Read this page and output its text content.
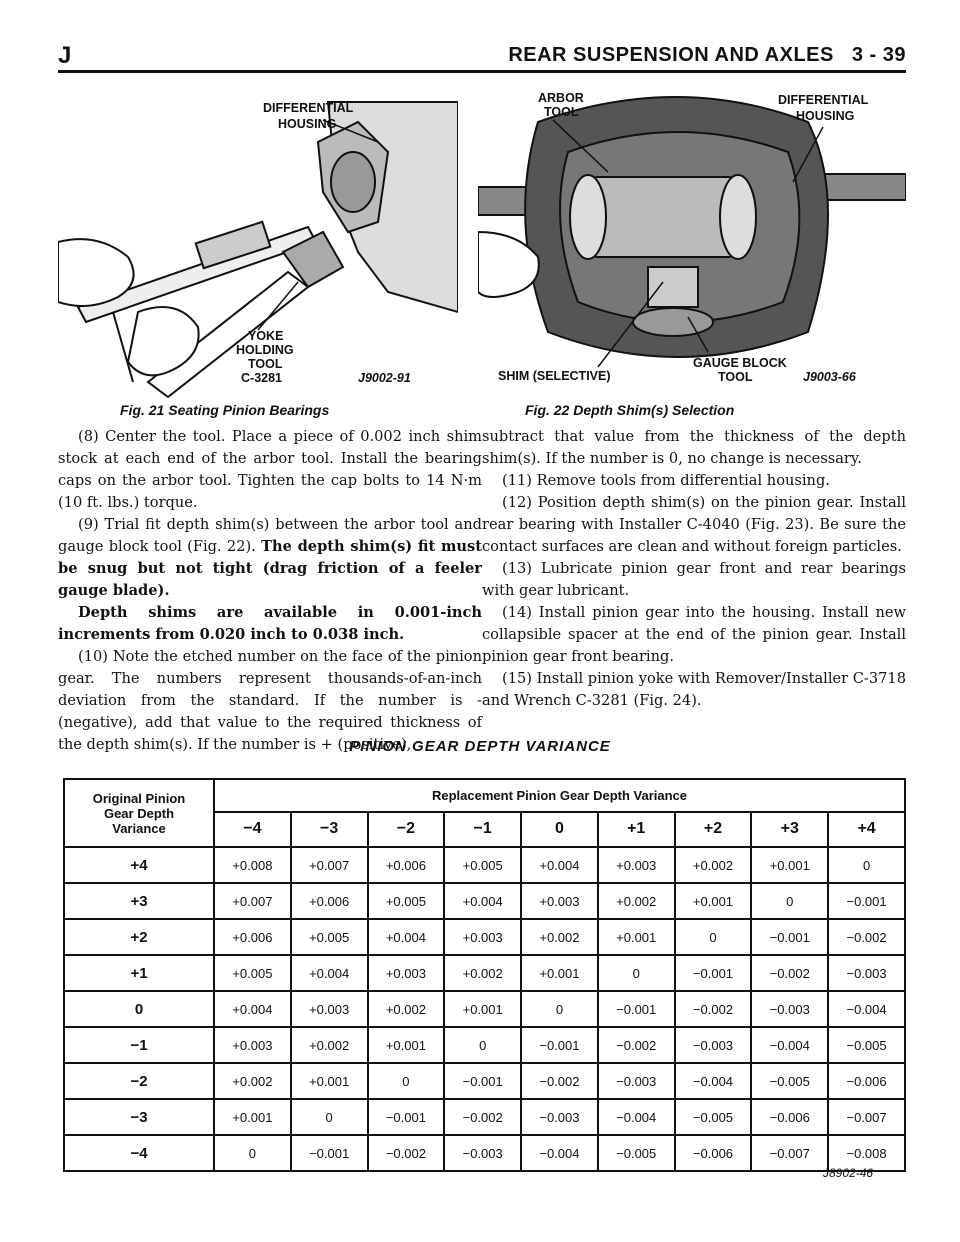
J	REAR SUSPENSION AND AXLES 3 - 39
DIFFERENTIAL
HOUSING
YOKE
HOLDING
TOOL
C-3281	J9002-91
ARBOR
TOOL
DIFFERENTIAL
HOUSING
SHIM (SELECTIVE)
GAUGE BLOCK
TOOL	J9003-66
Fig. 21 Seating Pinion Bearings	Fig. 22 Depth Shim(s) Selection

(8) Center the tool. Place a piece of 0.002 inch shim stock at each end of the arbor tool. Install the bearing caps on the arbor tool. Tighten the cap bolts to 14 N·m (10 ft. lbs.) torque.

(9) Trial fit depth shim(s) between the arbor tool and gauge block tool (Fig. 22). The depth shim(s) fit must be snug but not tight (drag friction of a feeler gauge blade).

Depth shims are available in 0.001-inch increments from 0.020 inch to 0.038 inch.

(10) Note the etched number on the face of the pinion gear. The numbers represent thousands-of-an-inch deviation from the standard. If the number is - (negative), add that value to the required thickness of the depth shim(s). If the number is + (positive),

subtract that value from the thickness of the depth shim(s). If the number is 0, no change is necessary.

(11) Remove tools from differential housing.

(12) Position depth shim(s) on the pinion gear. Install rear bearing with Installer C-4040 (Fig. 23). Be sure the contact surfaces are clean and without foreign particles.

(13) Lubricate pinion gear front and rear bearings with gear lubricant.

(14) Install pinion gear into the housing. Install new collapsible spacer at the end of the pinion gear. Install pinion gear front bearing.

(15) Install pinion yoke with Remover/Installer C-3718 and Wrench C-3281 (Fig. 24).

PINION GEAR DEPTH VARIANCE
Original Pinion
Gear Depth
Variance	Replacement Pinion Gear Depth Variance								
	−4	−3	−2	−1	0	+1	+2	+3	+4
+4	+0.008	+0.007	+0.006	+0.005	+0.004	+0.003	+0.002	+0.001	0
+3	+0.007	+0.006	+0.005	+0.004	+0.003	+0.002	+0.001	0	−0.001
+2	+0.006	+0.005	+0.004	+0.003	+0.002	+0.001	0	−0.001	−0.002
+1	+0.005	+0.004	+0.003	+0.002	+0.001	0	−0.001	−0.002	−0.003
0	+0.004	+0.003	+0.002	+0.001	0	−0.001	−0.002	−0.003	−0.004
−1	+0.003	+0.002	+0.001	0	−0.001	−0.002	−0.003	−0.004	−0.005
−2	+0.002	+0.001	0	−0.001	−0.002	−0.003	−0.004	−0.005	−0.006
−3	+0.001	0	−0.001	−0.002	−0.003	−0.004	−0.005	−0.006	−0.007
−4	0	−0.001	−0.002	−0.003	−0.004	−0.005	−0.006	−0.007	−0.008
J8902-46
